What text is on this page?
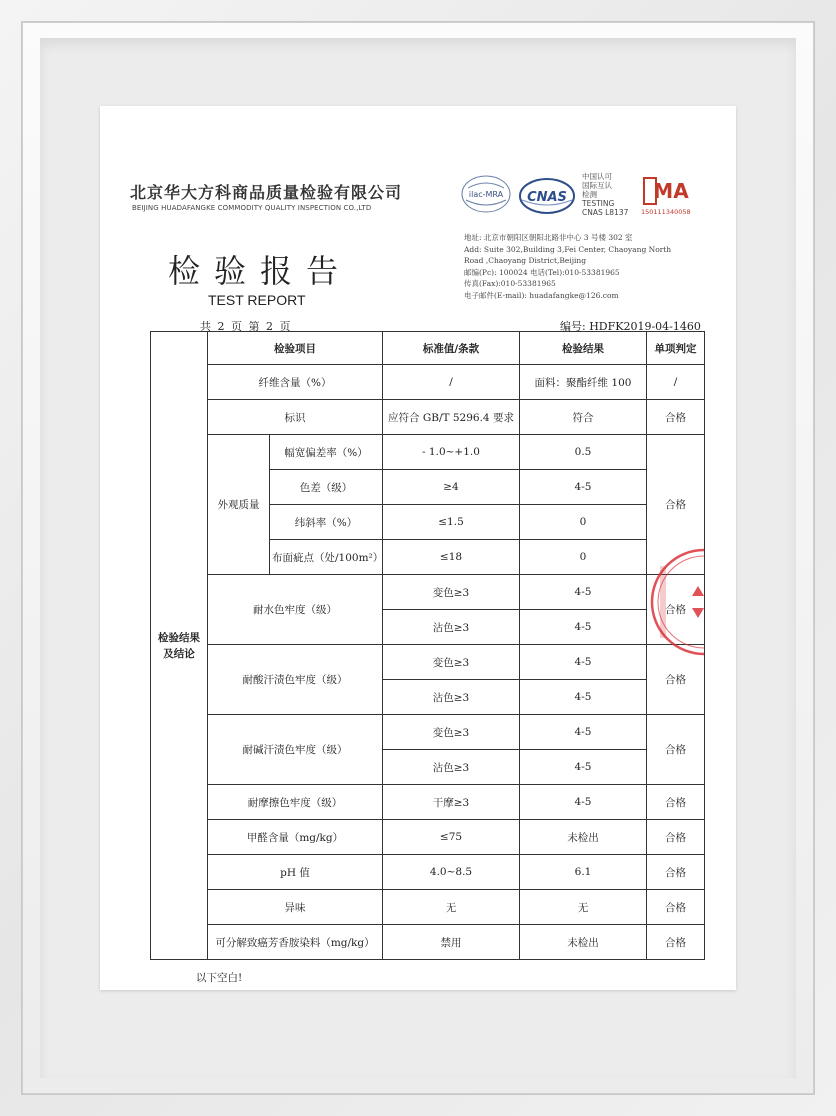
北京华大方科商品质量检验有限公司
BEIJING HUADAFANGKE COMMODITY QUALITY INSPECTION CO.,LTD
ilac-MRA CNAS
中国认可
国际互认
检测
TESTING
CNAS L8137
MA
150111340058
检验报告
TEST REPORT
地址: 北京市朝阳区朝阳北路非中心 3 号楼 302 室
Add: Suite 302,Building 3,Fei Center, Chaoyang North
Road ,Chaoyang District,Beijing
邮编(Pc): 100024 电话(Tel):010-53381965
传真(Fax):010-53381965
电子邮件(E-mail): huadafangke@126.com
共 2 页 第 2 页	编号: HDFK2019-04-1460
检验结果及结论	检验项目		标准值/条款	检验结果	单项判定
	纤维含量（%）		/	面料：聚酯纤维 100	/
	标识		应符合 GB/T 5296.4 要求	符合	合格
	外观质量	幅宽偏差率（%）	- 1.0~+1.0	0.5	合格
		色差（级）	≥4	4-5	
		纬斜率（%）	≤1.5	0	
		布面疵点（处/100m²）	≤18	0	
	耐水色牢度（级）		变色≥3	4-5	合格
			沾色≥3	4-5	
	耐酸汗渍色牢度（级）		变色≥3	4-5	合格
			沾色≥3	4-5	
	耐碱汗渍色牢度（级）		变色≥3	4-5	合格
			沾色≥3	4-5	
	耐摩擦色牢度（级）		干摩≥3	4-5	合格
	甲醛含量（mg/kg）		≤75	未检出	合格
	pH 值		4.0~8.5	6.1	合格
	异味		无	无	合格
	可分解致癌芳香胺染料（mg/kg）		禁用	未检出	合格
以下空白!
